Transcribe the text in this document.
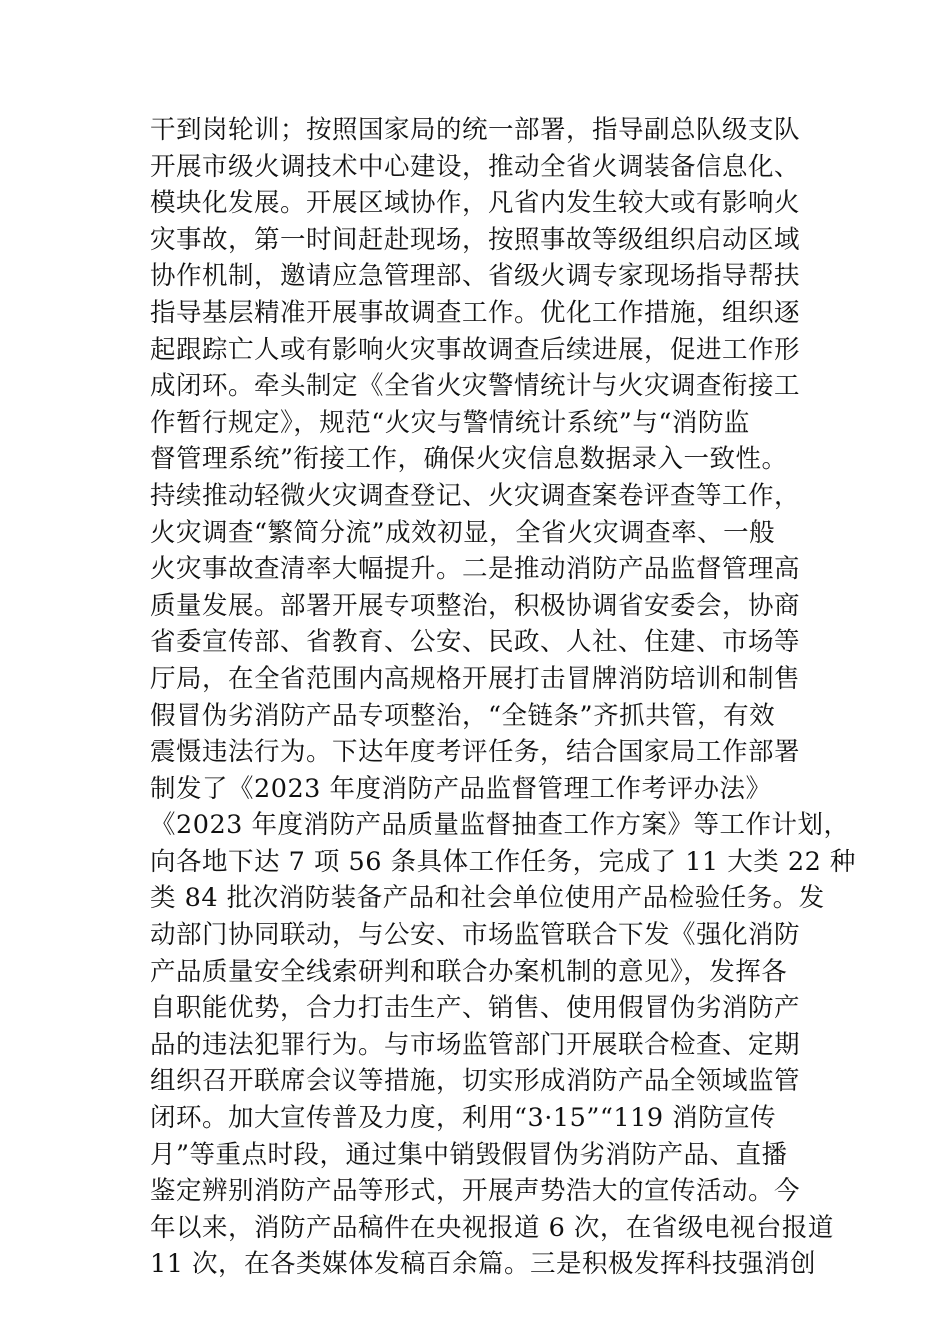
干到岗轮训；按照国家局的统一部署，指导副总队级支队
开展市级火调技术中心建设，推动全省火调装备信息化、
模块化发展。开展区域协作，凡省内发生较大或有影响火
灾事故，第一时间赶赴现场，按照事故等级组织启动区域
协作机制，邀请应急管理部、省级火调专家现场指导帮扶
指导基层精准开展事故调查工作。优化工作措施，组织逐
起跟踪亡人或有影响火灾事故调查后续进展，促进工作形
成闭环。牵头制定《全省火灾警情统计与火灾调查衔接工
作暂行规定》，规范“火灾与警情统计系统”与“消防监
督管理系统”衔接工作，确保火灾信息数据录入一致性。
持续推动轻微火灾调查登记、火灾调查案卷评查等工作，
火灾调查“繁简分流”成效初显，全省火灾调查率、一般
火灾事故查清率大幅提升。二是推动消防产品监督管理高
质量发展。部署开展专项整治，积极协调省安委会，协商
省委宣传部、省教育、公安、民政、人社、住建、市场等
厅局，在全省范围内高规格开展打击冒牌消防培训和制售
假冒伪劣消防产品专项整治，“全链条”齐抓共管，有效
震慑违法行为。下达年度考评任务，结合国家局工作部署
制发了《2023 年度消防产品监督管理工作考评办法》
《2023 年度消防产品质量监督抽查工作方案》等工作计划，
向各地下达 7 项 56 条具体工作任务，完成了 11 大类 22 种
类 84 批次消防装备产品和社会单位使用产品检验任务。发
动部门协同联动，与公安、市场监管联合下发《强化消防
产品质量安全线索研判和联合办案机制的意见》，发挥各
自职能优势，合力打击生产、销售、使用假冒伪劣消防产
品的违法犯罪行为。与市场监管部门开展联合检查、定期
组织召开联席会议等措施，切实形成消防产品全领域监管
闭环。加大宣传普及力度，利用“3·15”“119 消防宣传
月”等重点时段，通过集中销毁假冒伪劣消防产品、直播
鉴定辨别消防产品等形式，开展声势浩大的宣传活动。今
年以来，消防产品稿件在央视报道 6 次，在省级电视台报道
11 次，在各类媒体发稿百余篇。三是积极发挥科技强消创
